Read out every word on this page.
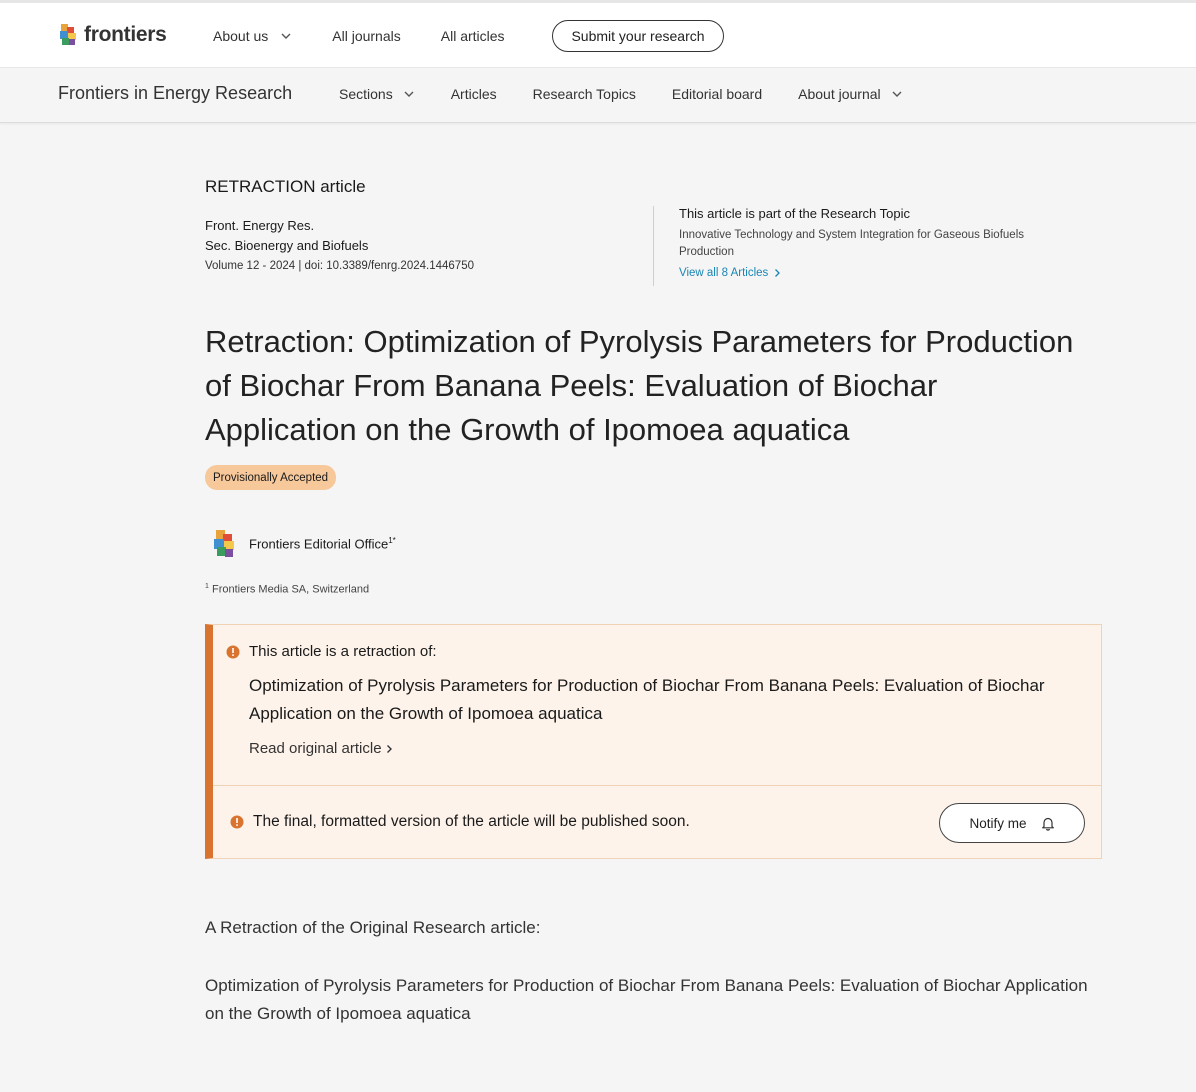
frontiers	About us	All journals	All articles	Submit your research
Frontiers in Energy Research	Sections	Articles	Research Topics	Editorial board	About journal
RETRACTION article
Front. Energy Res.
Sec. Bioenergy and Biofuels
Volume 12 - 2024 | doi: 10.3389/fenrg.2024.1446750
This article is part of the Research Topic
Innovative Technology and System Integration for Gaseous Biofuels Production
View all 8 Articles
Retraction: Optimization of Pyrolysis Parameters for Production of Biochar From Banana Peels: Evaluation of Biochar Application on the Growth of Ipomoea aquatica
Provisionally Accepted
Frontiers Editorial Office$^{1*}$
$^1$ Frontiers Media SA, Switzerland
This article is a retraction of:
Optimization of Pyrolysis Parameters for Production of Biochar From Banana Peels: Evaluation of Biochar Application on the Growth of Ipomoea aquatica
Read original article
The final, formatted version of the article will be published soon.	Notify me

A Retraction of the Original Research article:

Optimization of Pyrolysis Parameters for Production of Biochar From Banana Peels: Evaluation of Biochar Application on the Growth of Ipomoea aquatica
